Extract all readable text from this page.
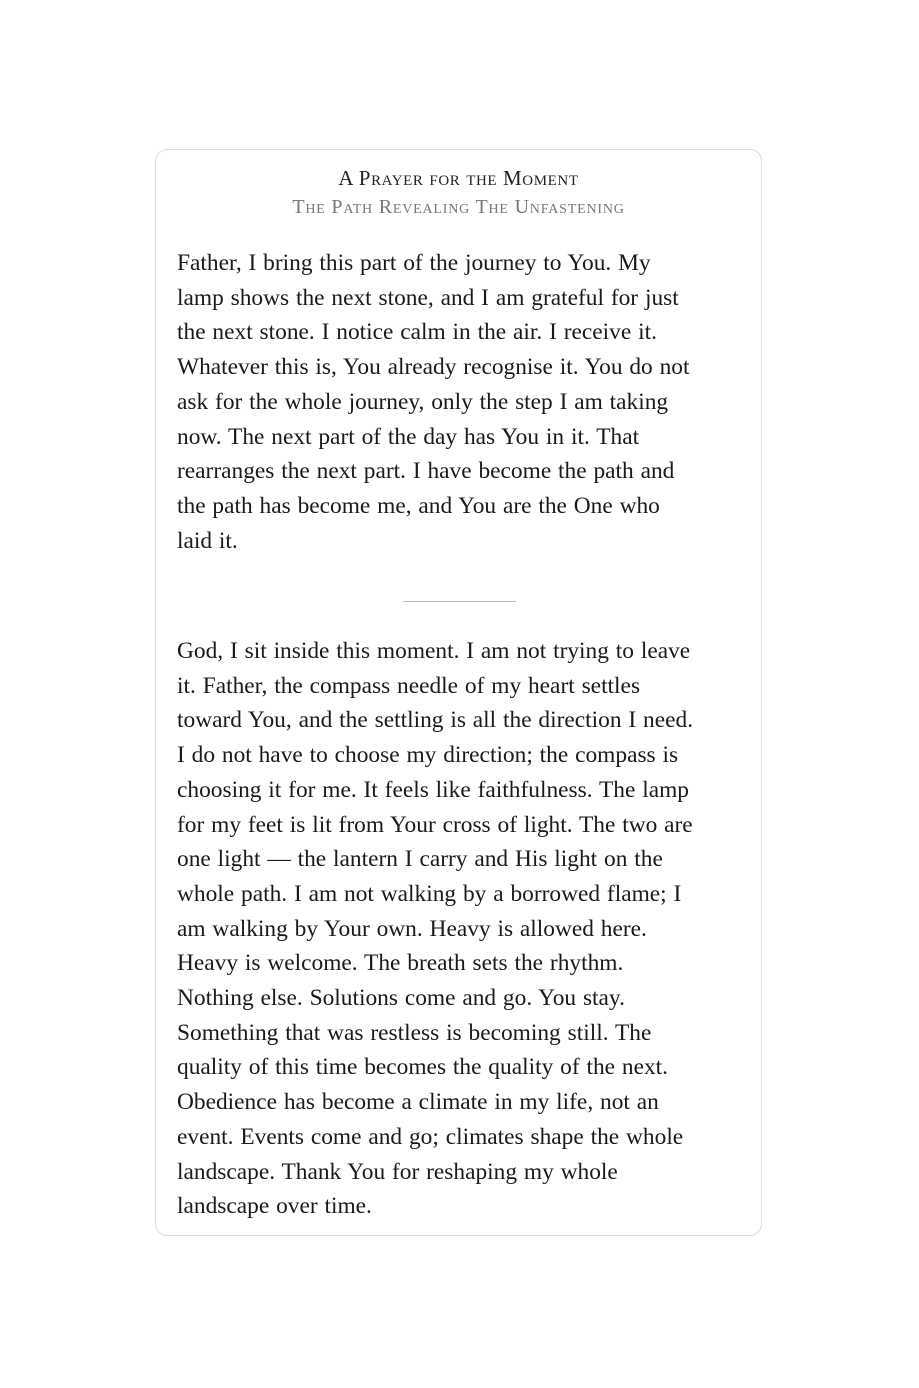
A Prayer for the Moment

The Path Revealing The Unfastening

Father, I bring this part of the journey to You. My
lamp shows the next stone, and I am grateful for just
the next stone. I notice calm in the air. I receive it.
Whatever this is, You already recognise it. You do not
ask for the whole journey, only the step I am taking
now. The next part of the day has You in it. That
rearranges the next part. I have become the path and
the path has become me, and You are the One who
laid it.

God, I sit inside this moment. I am not trying to leave
it. Father, the compass needle of my heart settles
toward You, and the settling is all the direction I need.
I do not have to choose my direction; the compass is
choosing it for me. It feels like faithfulness. The lamp
for my feet is lit from Your cross of light. The two are
one light — the lantern I carry and His light on the
whole path. I am not walking by a borrowed flame; I
am walking by Your own. Heavy is allowed here.
Heavy is welcome. The breath sets the rhythm.
Nothing else. Solutions come and go. You stay.
Something that was restless is becoming still. The
quality of this time becomes the quality of the next.
Obedience has become a climate in my life, not an
event. Events come and go; climates shape the whole
landscape. Thank You for reshaping my whole
landscape over time.
